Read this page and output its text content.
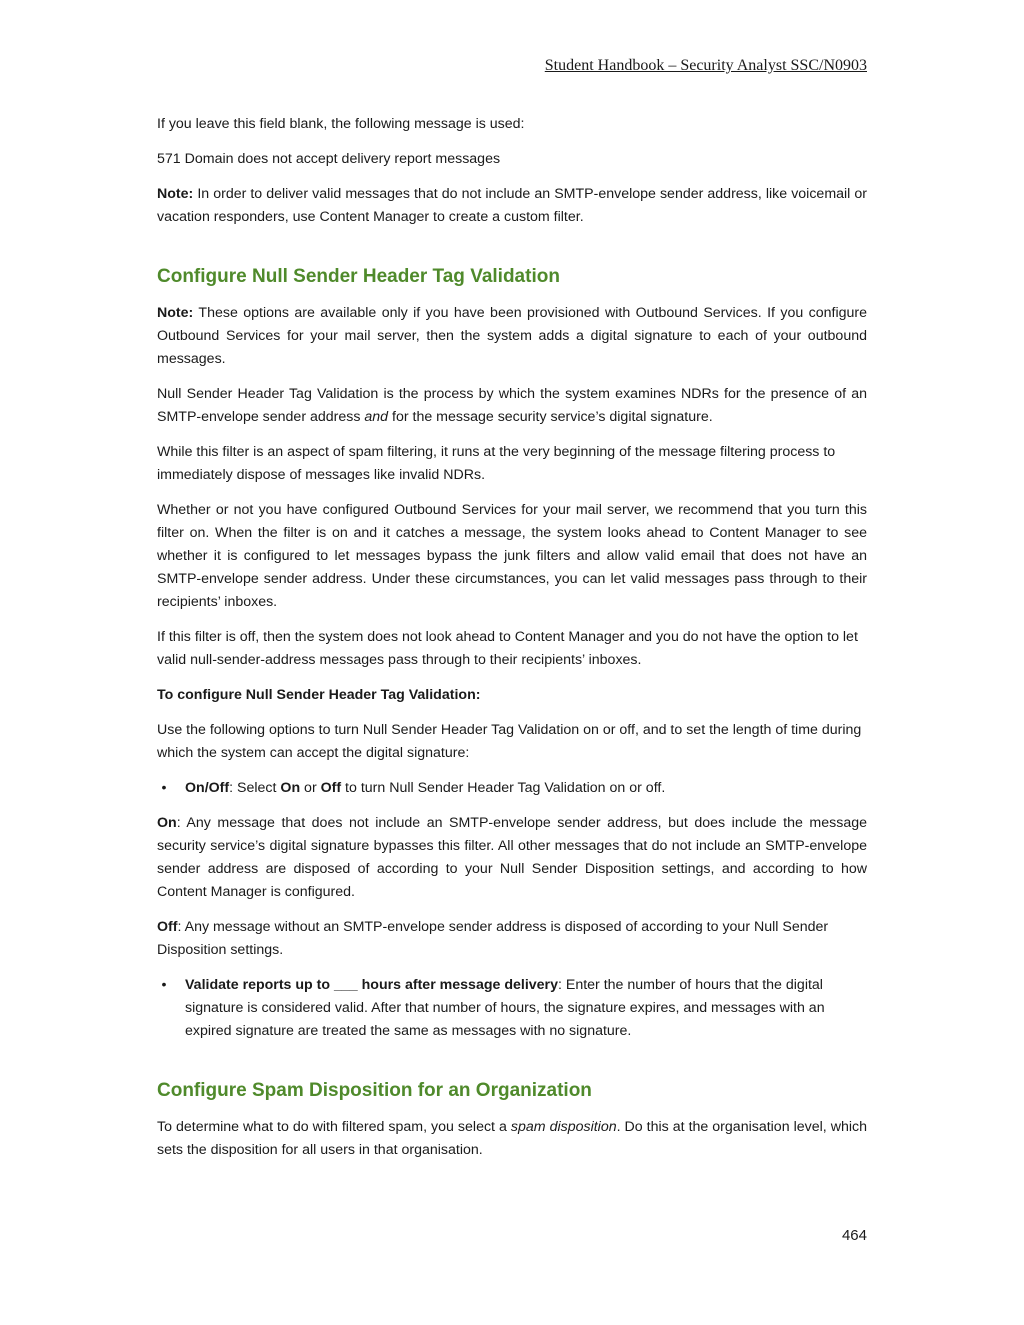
Student Handbook – Security Analyst SSC/N0903

If you leave this field blank, the following message is used:

571 Domain does not accept delivery report messages

Note: In order to deliver valid messages that do not include an SMTP-envelope sender address, like voicemail or vacation responders, use Content Manager to create a custom filter.

Configure Null Sender Header Tag Validation

Note: These options are available only if you have been provisioned with Outbound Services. If you configure Outbound Services for your mail server, then the system adds a digital signature to each of your outbound messages.

Null Sender Header Tag Validation is the process by which the system examines NDRs for the presence of an SMTP-envelope sender address and for the message security service’s digital signature.

While this filter is an aspect of spam filtering, it runs at the very beginning of the message filtering process to immediately dispose of messages like invalid NDRs.

Whether or not you have configured Outbound Services for your mail server, we recommend that you turn this filter on. When the filter is on and it catches a message, the system looks ahead to Content Manager to see whether it is configured to let messages bypass the junk filters and allow valid email that does not have an SMTP-envelope sender address. Under these circumstances, you can let valid messages pass through to their recipients’ inboxes.

If this filter is off, then the system does not look ahead to Content Manager and you do not have the option to let valid null-sender-address messages pass through to their recipients’ inboxes.

To configure Null Sender Header Tag Validation:

Use the following options to turn Null Sender Header Tag Validation on or off, and to set the length of time during which the system can accept the digital signature:

•	On/Off: Select On or Off to turn Null Sender Header Tag Validation on or off.

On: Any message that does not include an SMTP-envelope sender address, but does include the message security service’s digital signature bypasses this filter. All other messages that do not include an SMTP-envelope sender address are disposed of according to your Null Sender Disposition settings, and according to how Content Manager is configured.

Off: Any message without an SMTP-envelope sender address is disposed of according to your Null Sender Disposition settings.

•	Validate reports up to ___ hours after message delivery: Enter the number of hours that the digital signature is considered valid. After that number of hours, the signature expires, and messages with an expired signature are treated the same as messages with no signature.
Configure Spam Disposition for an Organization

To determine what to do with filtered spam, you select a spam disposition. Do this at the organisation level, which sets the disposition for all users in that organisation.

464
